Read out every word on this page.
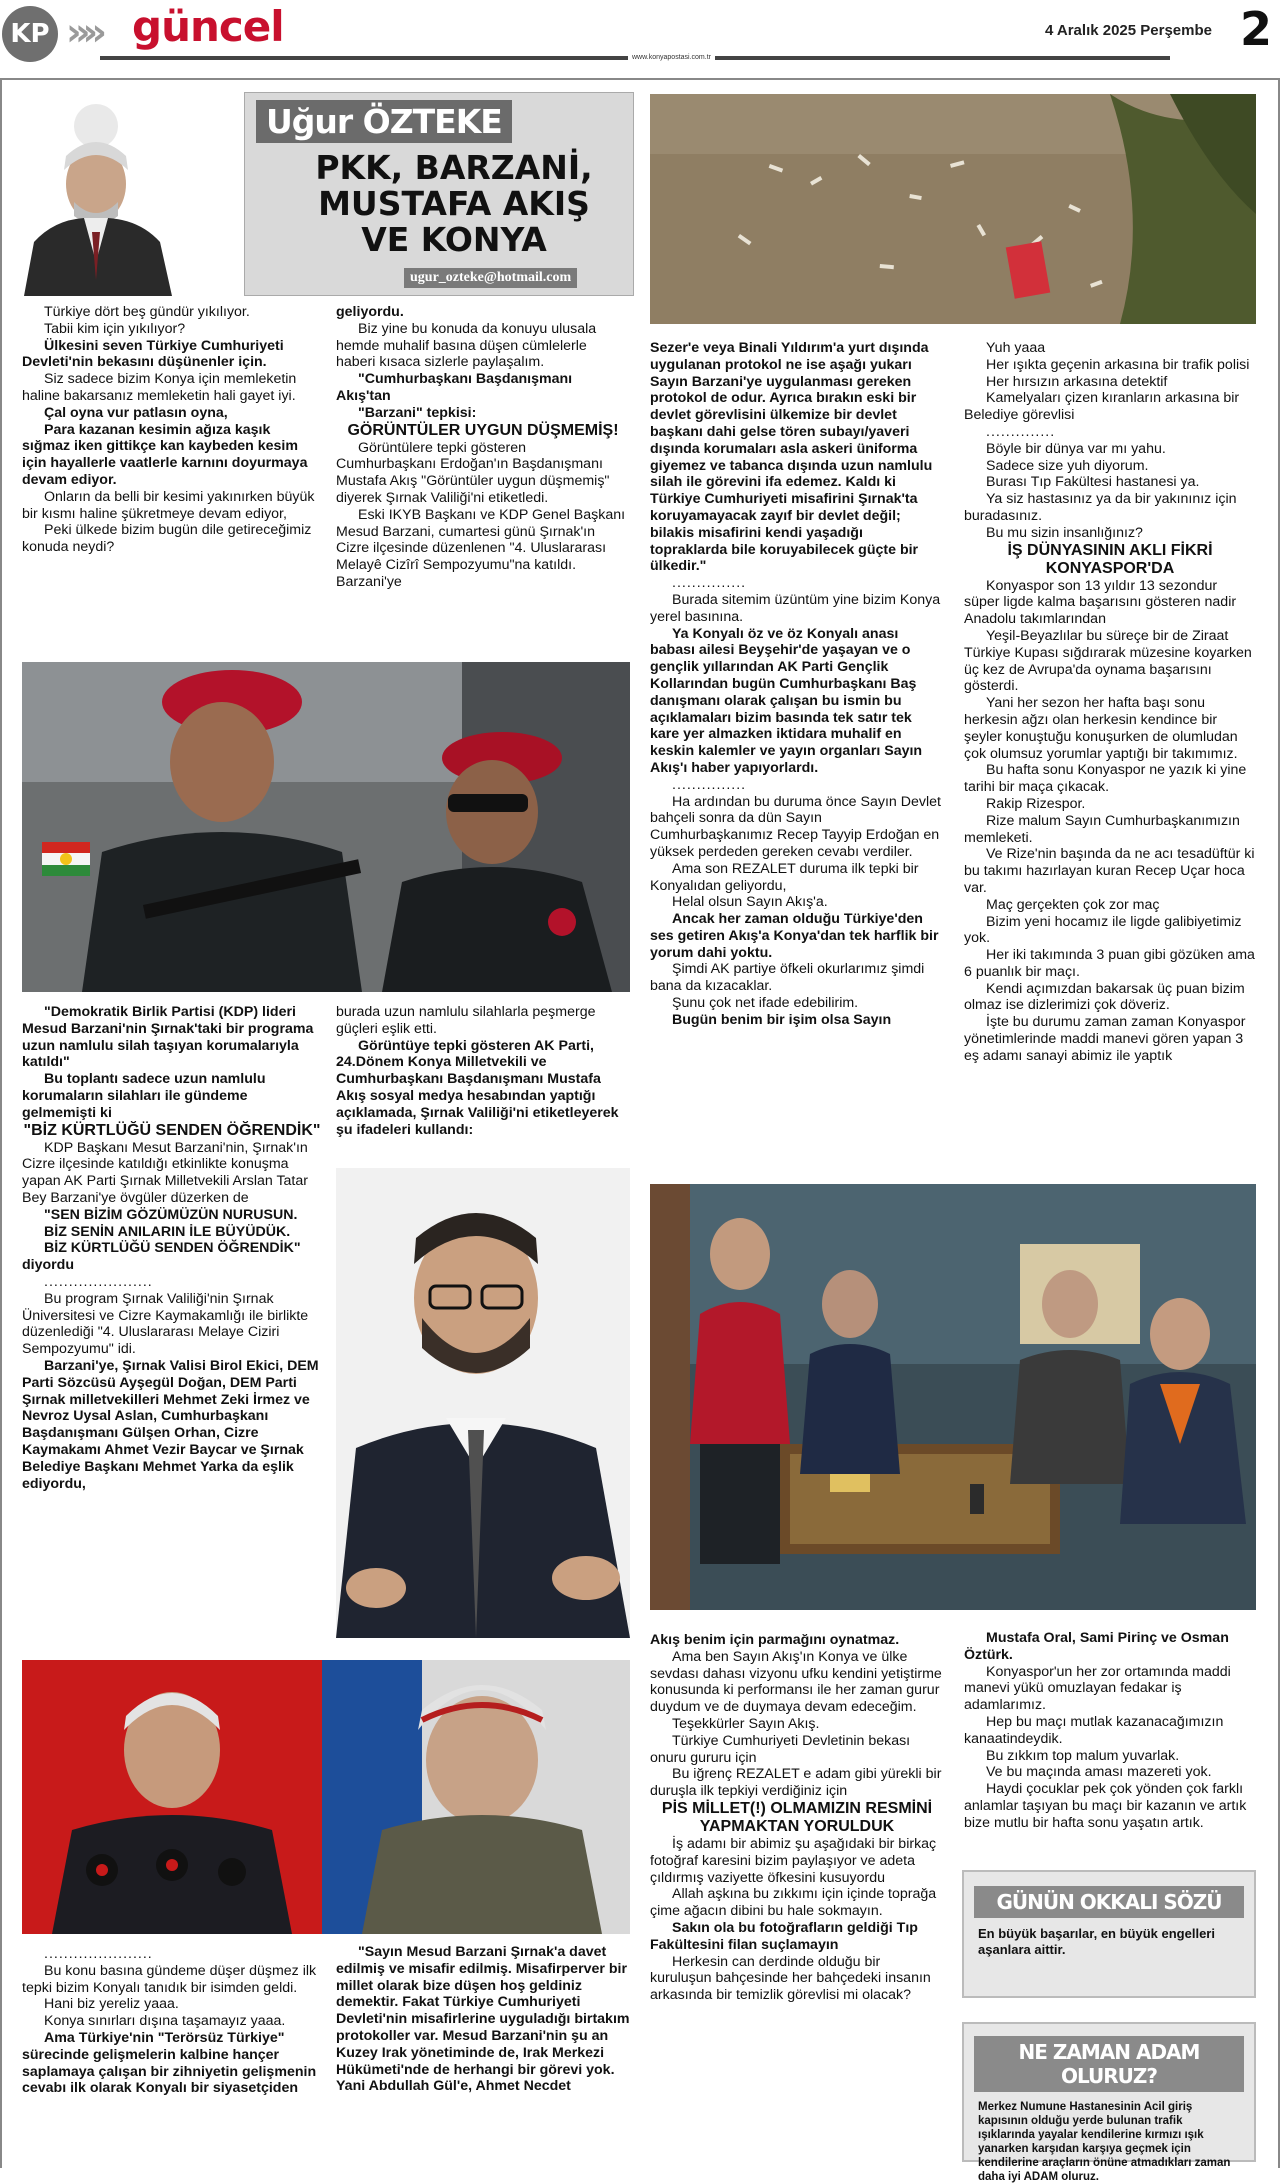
KP »» güncel
www.konyapostasi.com.tr
4 Aralık 2025 Perşembe 2
Uğur ÖZTEKE
PKK, BARZANİ,
MUSTAFA AKIŞ
VE KONYA
ugur_ozteke@hotmail.com

Türkiye dört beş gündür yıkılıyor.

Tabii kim için yıkılıyor?

Ülkesini seven Türkiye Cumhuriyeti Devleti'nin bekasını düşünenler için.

Siz sadece bizim Konya için memleketin haline bakarsanız memleketin hali gayet iyi.

Çal oyna vur patlasın oyna,

Para kazanan kesimin ağıza kaşık sığmaz iken gittikçe kan kaybeden kesim için hayallerle vaatlerle karnını doyurmaya devam ediyor.

Onların da belli bir kesimi yakınırken büyük bir kısmı haline şükretmeye devam ediyor,

Peki ülkede bizim bugün dile getireceğimiz konuda neydi?

geliyordu.

Biz yine bu konuda da konuyu ulusala hemde muhalif basına düşen cümlelerle haberi kısaca sizlerle paylaşalım.

"Cumhurbaşkanı Başdanışmanı Akış'tan

"Barzani" tepkisi:

GÖRÜNTÜLER UYGUN DÜŞMEMİŞ!

Görüntülere tepki gösteren Cumhurbaşkanı Erdoğan'ın Başdanışmanı Mustafa Akış "Görüntüler uygun düşmemiş" diyerek Şırnak Valiliği'ni etiketledi.

Eski IKYB Başkanı ve KDP Genel Başkanı Mesud Barzani, cumartesi günü Şırnak'ın Cizre ilçesinde düzenlenen "4. Uluslararası Melayê Cizîrî Sempozyumu"na katıldı. Barzani'ye

Sezer'e veya Binali Yıldırım'a yurt dışında uygulanan protokol ne ise aşağı yukarı Sayın Barzani'ye uygulanması gereken protokol de odur. Ayrıca bırakın eski bir devlet görevlisini ülkemize bir devlet başkanı dahi gelse tören subayı/yaveri dışında korumaları asla askeri üniforma giyemez ve tabanca dışında uzun namlulu silah ile görevini ifa edemez. Kaldı ki Türkiye Cumhuriyeti misafirini Şırnak'ta koruyamayacak zayıf bir devlet değil; bilakis misafirini kendi yaşadığı topraklarda bile koruyabilecek güçte bir ülkedir."

...............

Burada sitemim üzüntüm yine bizim Konya yerel basınına.

Ya Konyalı öz ve öz Konyalı anası babası ailesi Beyşehir'de yaşayan ve o gençlik yıllarından AK Parti Gençlik Kollarından bugün Cumhurbaşkanı Baş danışmanı olarak çalışan bu ismin bu açıklamaları bizim basında tek satır tek kare yer almazken iktidara muhalif en keskin kalemler ve yayın organları Sayın Akış'ı haber yapıyorlardı.

...............

Ha ardından bu duruma önce Sayın Devlet bahçeli sonra da dün Sayın Cumhurbaşkanımız Recep Tayyip Erdoğan en yüksek perdeden gereken cevabı verdiler.

Ama son REZALET duruma ilk tepki bir Konyalıdan geliyordu,

Helal olsun Sayın Akış'a.

Ancak her zaman olduğu Türkiye'den ses getiren Akış'a Konya'dan tek harflik bir yorum dahi yoktu.

Şimdi AK partiye öfkeli okurlarımız şimdi bana da kızacaklar.

Şunu çok net ifade edebilirim.

Bugün benim bir işim olsa Sayın

Yuh yaaa

Her ışıkta geçenin arkasına bir trafik polisi

Her hırsızın arkasına detektif

Kamelyaları çizen kıranların arkasına bir Belediye görevlisi

..............

Böyle bir dünya var mı yahu.

Sadece size yuh diyorum.

Burası Tıp Fakültesi hastanesi ya.

Ya siz hastasınız ya da bir yakınınız için buradasınız.

Bu mu sizin insanlığınız?

İŞ DÜNYASININ AKLI FİKRİ KONYASPOR'DA

Konyaspor son 13 yıldır 13 sezondur süper ligde kalma başarısını gösteren nadir Anadolu takımlarından

Yeşil-Beyazlılar bu süreçe bir de Ziraat Türkiye Kupası sığdırarak müzesine koyarken üç kez de Avrupa'da oynama başarısını gösterdi.

Yani her sezon her hafta başı sonu herkesin ağzı olan herkesin kendince bir şeyler konuştuğu konuşurken de olumludan çok olumsuz yorumlar yaptığı bir takımımız.

Bu hafta sonu Konyaspor ne yazık ki yine tarihi bir maça çıkacak.

Rakip Rizespor.

Rize malum Sayın Cumhurbaşkanımızın memleketi.

Ve Rize'nin başında da ne acı tesadüftür ki bu takımı hazırlayan kuran Recep Uçar hoca var.

Maç gerçekten çok zor maç

Bizim yeni hocamız ile ligde galibiyetimiz yok.

Her iki takımında 3 puan gibi gözüken ama 6 puanlık bir maçı.

Kendi açımızdan bakarsak üç puan bizim olmaz ise dizlerimizi çok döveriz.

İşte bu durumu zaman zaman Konyaspor yönetimlerinde maddi manevi gören yapan 3 eş adamı sanayi abimiz ile yaptık

"Demokratik Birlik Partisi (KDP) lideri Mesud Barzani'nin Şırnak'taki bir programa uzun namlulu silah taşıyan korumalarıyla katıldı"

Bu toplantı sadece uzun namlulu korumaların silahları ile gündeme gelmemişti ki

"BİZ KÜRTLÜĞÜ SENDEN ÖĞRENDİK"

KDP Başkanı Mesut Barzani'nin, Şırnak'ın Cizre ilçesinde katıldığı etkinlikte konuşma yapan AK Parti Şırnak Milletvekili Arslan Tatar Bey Barzani'ye övgüler düzerken de

"SEN BİZİM GÖZÜMÜZÜN NURUSUN.

BİZ SENİN ANILARIN İLE BÜYÜDÜK.

BİZ KÜRTLÜĞÜ SENDEN ÖĞRENDİK" diyordu

......................

Bu program Şırnak Valiliği'nin Şırnak Üniversitesi ve Cizre Kaymakamlığı ile birlikte düzenlediği "4. Uluslararası Melaye Ciziri Sempozyumu" idi.

Barzani'ye, Şırnak Valisi Birol Ekici, DEM Parti Sözcüsü Ayşegül Doğan, DEM Parti Şırnak milletvekilleri Mehmet Zeki İrmez ve Nevroz Uysal Aslan, Cumhurbaşkanı Başdanışmanı Gülşen Orhan, Cizre Kaymakamı Ahmet Vezir Baycar ve Şırnak Belediye Başkanı Mehmet Yarka da eşlik ediyordu,

burada uzun namlulu silahlarla peşmerge güçleri eşlik etti.

Görüntüye tepki gösteren AK Parti, 24.Dönem Konya Milletvekili ve Cumhurbaşkanı Başdanışmanı Mustafa Akış sosyal medya hesabından yaptığı açıklamada, Şırnak Valiliği'ni etiketleyerek şu ifadeleri kullandı:

......................

Bu konu basına gündeme düşer düşmez ilk tepki bizim Konyalı tanıdık bir isimden geldi.

Hani biz yereliz yaaa.

Konya sınırları dışına taşamayız yaaa.

Ama Türkiye'nin "Terörsüz Türkiye" sürecinde gelişmelerin kalbine hançer saplamaya çalışan bir zihniyetin gelişmenin cevabı ilk olarak Konyalı bir siyasetçiden

"Sayın Mesud Barzani Şırnak'a davet edilmiş ve misafir edilmiş. Misafirperver bir millet olarak bize düşen hoş geldiniz demektir. Fakat Türkiye Cumhuriyeti Devleti'nin misafirlerine uyguladığı birtakım protokoller var. Mesud Barzani'nin şu an Kuzey Irak yönetiminde de, Irak Merkezi Hükümeti'nde de herhangi bir görevi yok. Yani Abdullah Gül'e, Ahmet Necdet

Akış benim için parmağını oynatmaz.

Ama ben Sayın Akış'ın Konya ve ülke sevdası dahası vizyonu ufku kendini yetiştirme konusunda ki performansı ile her zaman gurur duydum ve de duymaya devam edeceğim.

Teşekkürler Sayın Akış.

Türkiye Cumhuriyeti Devletinin bekası onuru gururu için

Bu iğrenç REZALET e adam gibi yürekli bir duruşla ilk tepkiyi verdiğiniz için

PİS MİLLET(!) OLMAMIZIN RESMİNİ YAPMAKTAN YORULDUK

İş adamı bir abimiz şu aşağıdaki bir birkaç fotoğraf karesini bizim paylaşıyor ve adeta çıldırmış vaziyette öfkesini kusuyordu

Allah aşkına bu zıkkımı için içinde toprağa çime ağacın dibini bu hale sokmayın.

Sakın ola bu fotoğrafların geldiği Tıp Fakültesini filan suçlamayın

Herkesin can derdinde olduğu bir kuruluşun bahçesinde her bahçedeki insanın arkasında bir temizlik görevlisi mi olacak?

Mustafa Oral, Sami Pirinç ve Osman Öztürk.

Konyaspor'un her zor ortamında maddi manevi yükü omuzlayan fedakar iş adamlarımız.

Hep bu maçı mutlak kazanacağımızın kanaatindeydik.

Bu zıkkım top malum yuvarlak.

Ve bu maçında aması mazereti yok.

Haydi çocuklar pek çok yönden çok farklı anlamlar taşıyan bu maçı bir kazanın ve artık bize mutlu bir hafta sonu yaşatın artık.

GÜNÜN OKKALI SÖZÜ
En büyük başarılar, en büyük engelleri aşanlara aittir.
NE ZAMAN ADAM OLURUZ?
Merkez Numune Hastanesinin Acil giriş kapısının olduğu yerde bulunan trafik ışıklarında yayalar kendilerine kırmızı ışık yanarken karşıdan karşıya geçmek için kendilerine araçların önüne atmadıkları zaman daha iyi ADAM oluruz.
